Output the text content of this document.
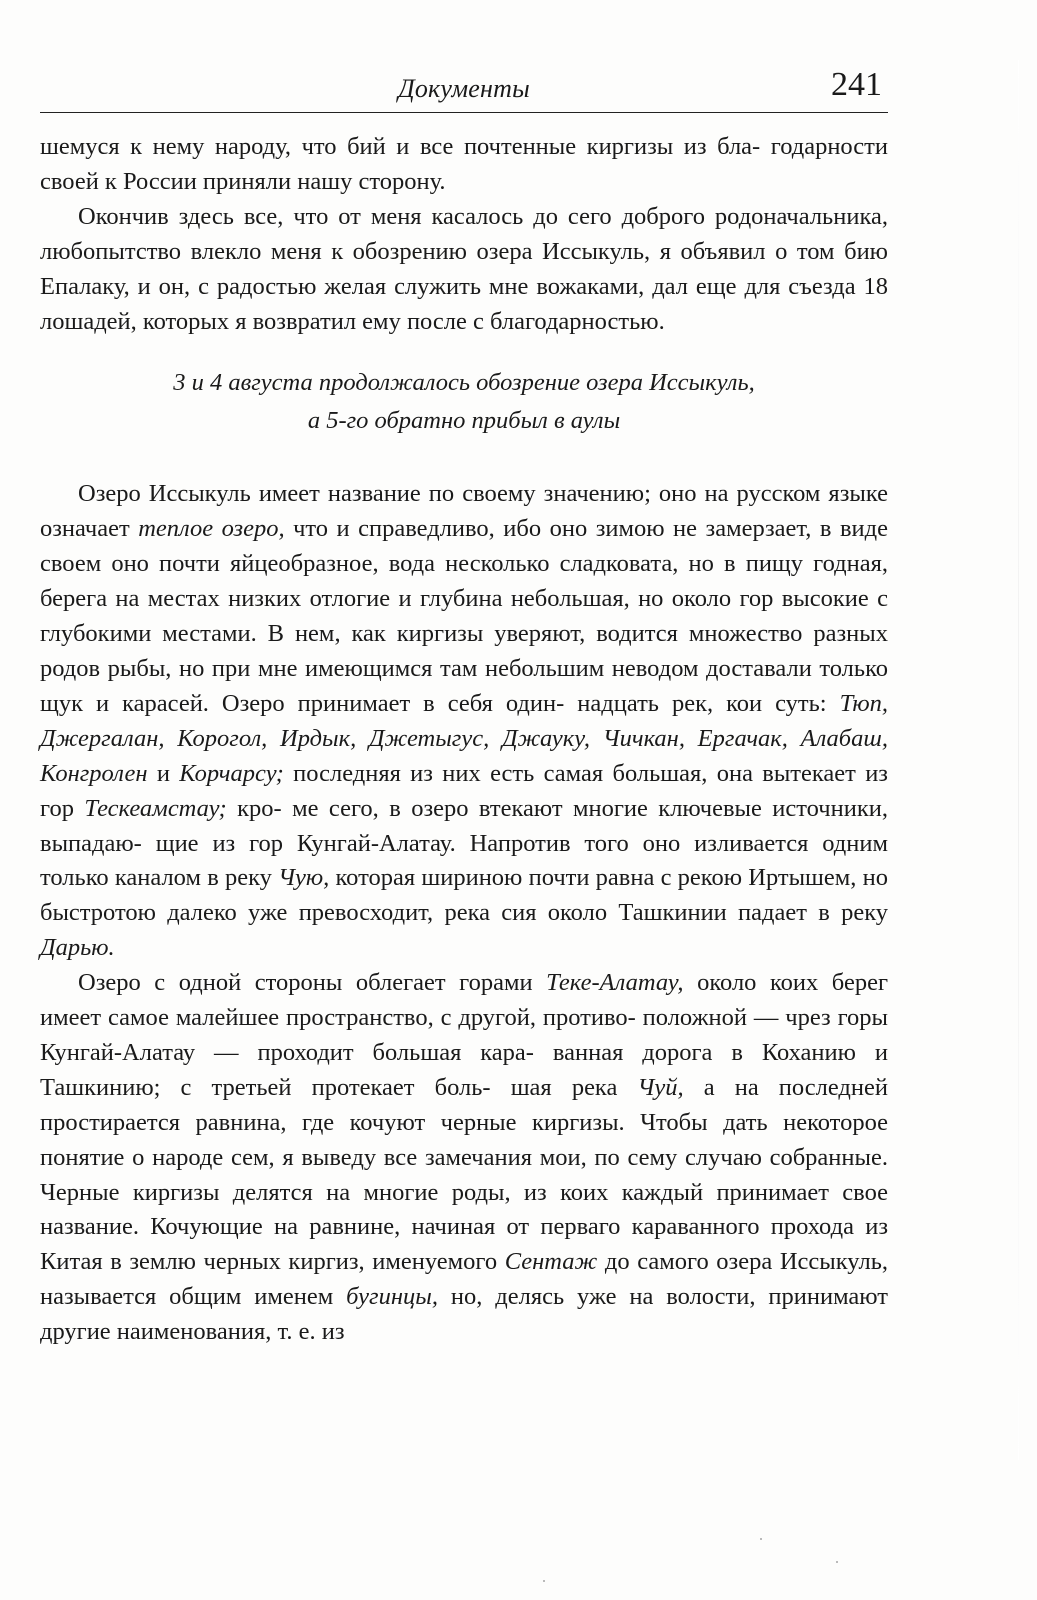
Документы	241

шемуся к нему народу, что бий и все почтенные киргизы из бла- годарности своей к России приняли нашу сторону.

Окончив здесь все, что от меня касалось до сего доброго родоначальника, любопытство влекло меня к обозрению озера Иссыкуль, я объявил о том бию Епалаку, и он, с радостью желая служить мне вожаками, дал еще для съезда 18 лошадей, которых я возвратил ему после с благодарностью.

3 и 4 августа продолжалось обозрение озера Иссыкуль,
а 5-го обратно прибыл в аулы

Озеро Иссыкуль имеет название по своему значению; оно на русском языке означает теплое озеро, что и справедливо, ибо оно зимою не замерзает, в виде своем оно почти яйцеобразное, вода несколько сладковата, но в пищу годная, берега на местах низких отлогие и глубина небольшая, но около гор высокие с глубокими местами. В нем, как киргизы уверяют, водится множество разных родов рыбы, но при мне имеющимся там небольшим неводом доставали только щук и карасей. Озеро принимает в себя один- надцать рек, кои суть: Тюп, Джергалан, Корогол, Ирдык, Джетыгус, Джауку, Чичкан, Ергачак, Алабаш, Конгролен и Корчарсу; последняя из них есть самая большая, она вытекает из гор Тескеамстау; кро- ме сего, в озеро втекают многие ключевые источники, выпадаю- щие из гор Кунгай-Алатау. Напротив того оно изливается одним только каналом в реку Чую, которая шириною почти равна с рекою Иртышем, но быстротою далеко уже превосходит, река сия около Ташкинии падает в реку Дарью.

Озеро с одной стороны облегает горами Теке-Алатау, около коих берег имеет самое малейшее пространство, с другой, противо- положной — чрез горы Кунгай-Алатау — проходит большая кара- ванная дорога в Коханию и Ташкинию; с третьей протекает боль- шая река Чуй, а на последней простирается равнина, где кочуют черные киргизы. Чтобы дать некоторое понятие о народе сем, я выведу все замечания мои, по сему случаю собранные. Черные киргизы делятся на многие роды, из коих каждый принимает свое название. Кочующие на равнине, начиная от перваго караванного прохода из Китая в землю черных киргиз, именуемого Сентаж до самого озера Иссыкуль, называется общим именем бугинцы, но, делясь уже на волости, принимают другие наименования, т. е. из
